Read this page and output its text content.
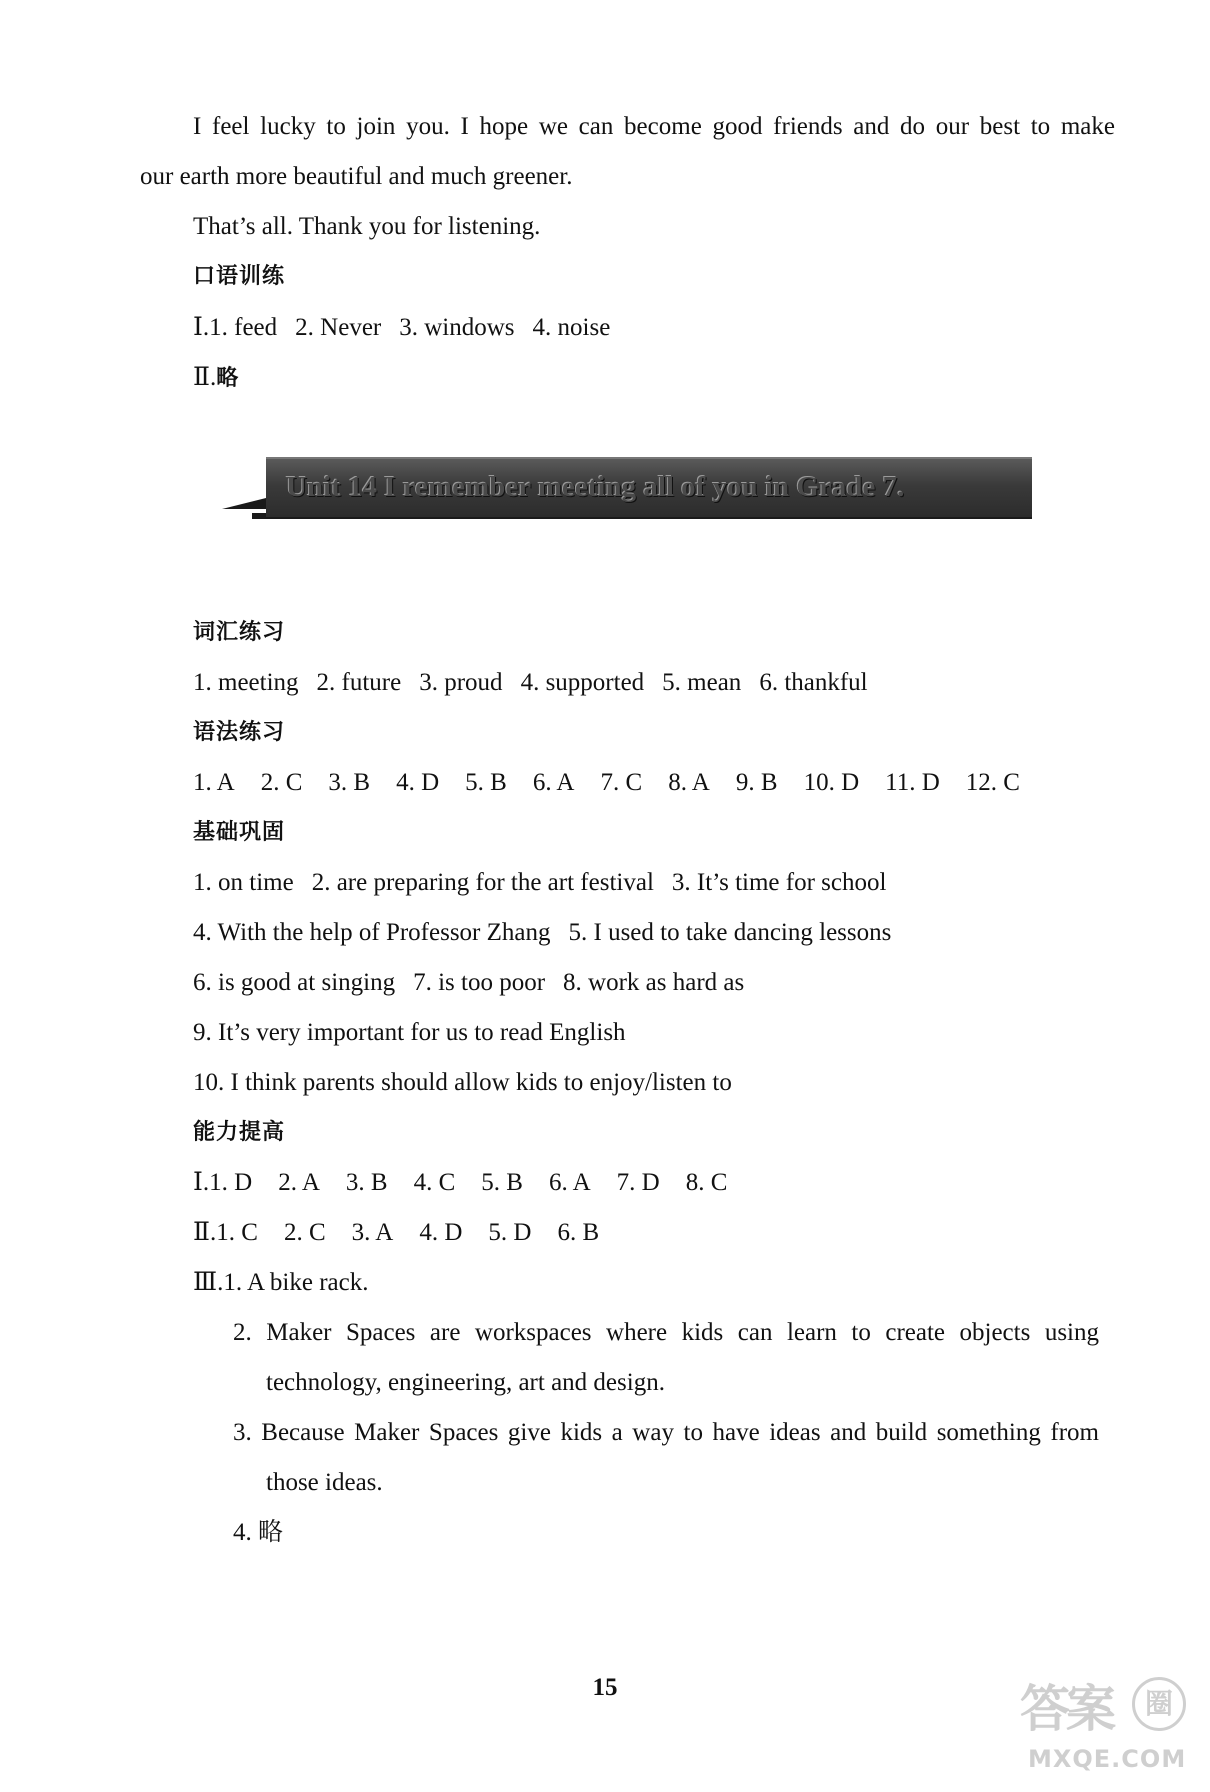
I feel lucky to join you. I hope we can become good friends and do our best to make
our earth more beautiful and much greener.
That’s all. Thank you for listening.
口语训练
Ⅰ.1. feed 2. Never 3. windows 4. noise
Ⅱ.略
Unit 14 I remember meeting all of you in Grade 7.
词汇练习
1. meeting 2. future 3. proud 4. supported 5. mean 6. thankful
语法练习
1. A 2. C 3. B 4. D 5. B 6. A 7. C 8. A 9. B 10. D 11. D 12. C
基础巩固
1. on time 2. are preparing for the art festival 3. It’s time for school
4. With the help of Professor Zhang 5. I used to take dancing lessons
6. is good at singing 7. is too poor 8. work as hard as
9. It’s very important for us to read English
10. I think parents should allow kids to enjoy/listen to
能力提高
Ⅰ.1. D 2. A 3. B 4. C 5. B 6. A 7. D 8. C
Ⅱ.1. C 2. C 3. A 4. D 5. D 6. B
Ⅲ.1. A bike rack.
2. Maker Spaces are workspaces where kids can learn to create objects using
technology, engineering, art and design.
3. Because Maker Spaces give kids a way to have ideas and build something from
those ideas.
4. 略
15	答案	圈
MXQE.COM
